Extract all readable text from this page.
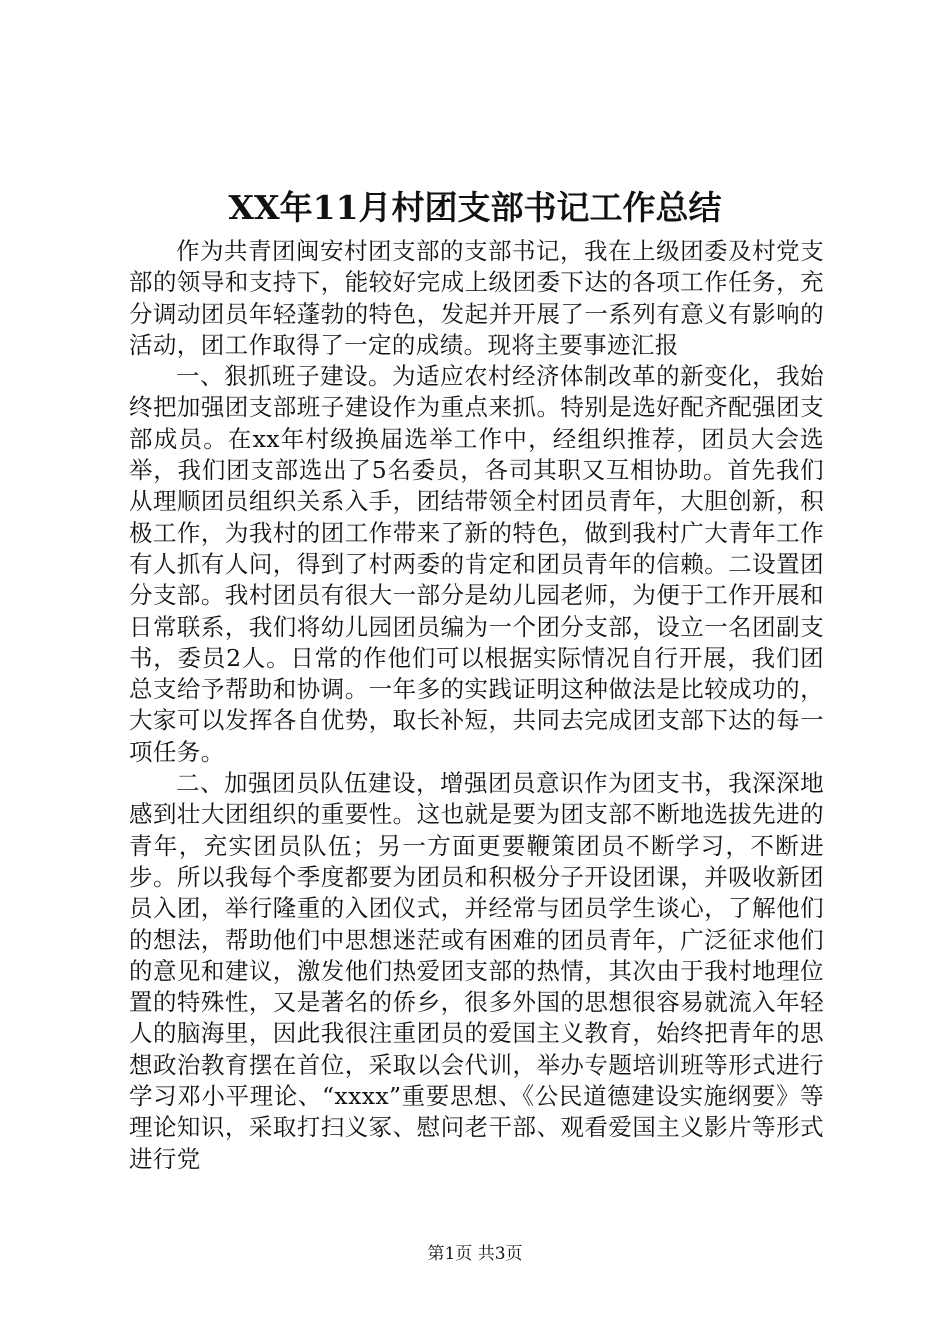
XX年11月村团支部书记工作总结

作为共青团闽安村团支部的支部书记，我在上级团委及村党支部的领导和支持下，能较好完成上级团委下达的各项工作任务，充分调动团员年轻蓬勃的特色，发起并开展了一系列有意义有影响的活动，团工作取得了一定的成绩。现将主要事迹汇报

一、狠抓班子建设。为适应农村经济体制改革的新变化，我始终把加强团支部班子建设作为重点来抓。特别是选好配齐配强团支部成员。在xx年村级换届选举工作中，经组织推荐，团员大会选举，我们团支部选出了5名委员，各司其职又互相协助。首先我们从理顺团员组织关系入手，团结带领全村团员青年，大胆创新，积极工作，为我村的团工作带来了新的特色，做到我村广大青年工作有人抓有人问，得到了村两委的肯定和团员青年的信赖。二设置团分支部。我村团员有很大一部分是幼儿园老师，为便于工作开展和日常联系，我们将幼儿园团员编为一个团分支部，设立一名团副支书，委员2人。日常的作他们可以根据实际情况自行开展，我们团总支给予帮助和协调。一年多的实践证明这种做法是比较成功的，大家可以发挥各自优势，取长补短，共同去完成团支部下达的每一项任务。

二、加强团员队伍建设，增强团员意识作为团支书，我深深地感到壮大团组织的重要性。这也就是要为团支部不断地选拔先进的青年，充实团员队伍；另一方面更要鞭策团员不断学习，不断进步。所以我每个季度都要为团员和积极分子开设团课，并吸收新团员入团，举行隆重的入团仪式，并经常与团员学生谈心，了解他们的想法，帮助他们中思想迷茫或有困难的团员青年，广泛征求他们的意见和建议，激发他们热爱团支部的热情，其次由于我村地理位置的特殊性，又是著名的侨乡，很多外国的思想很容易就流入年轻人的脑海里，因此我很注重团员的爱国主义教育，始终把青年的思想政治教育摆在首位，采取以会代训，举办专题培训班等形式进行学习邓小平理论、“xxxx”重要思想、《公民道德建设实施纲要》等理论知识，采取打扫义冢、慰问老干部、观看爱国主义影片等形式进行党

第1页 共3页
